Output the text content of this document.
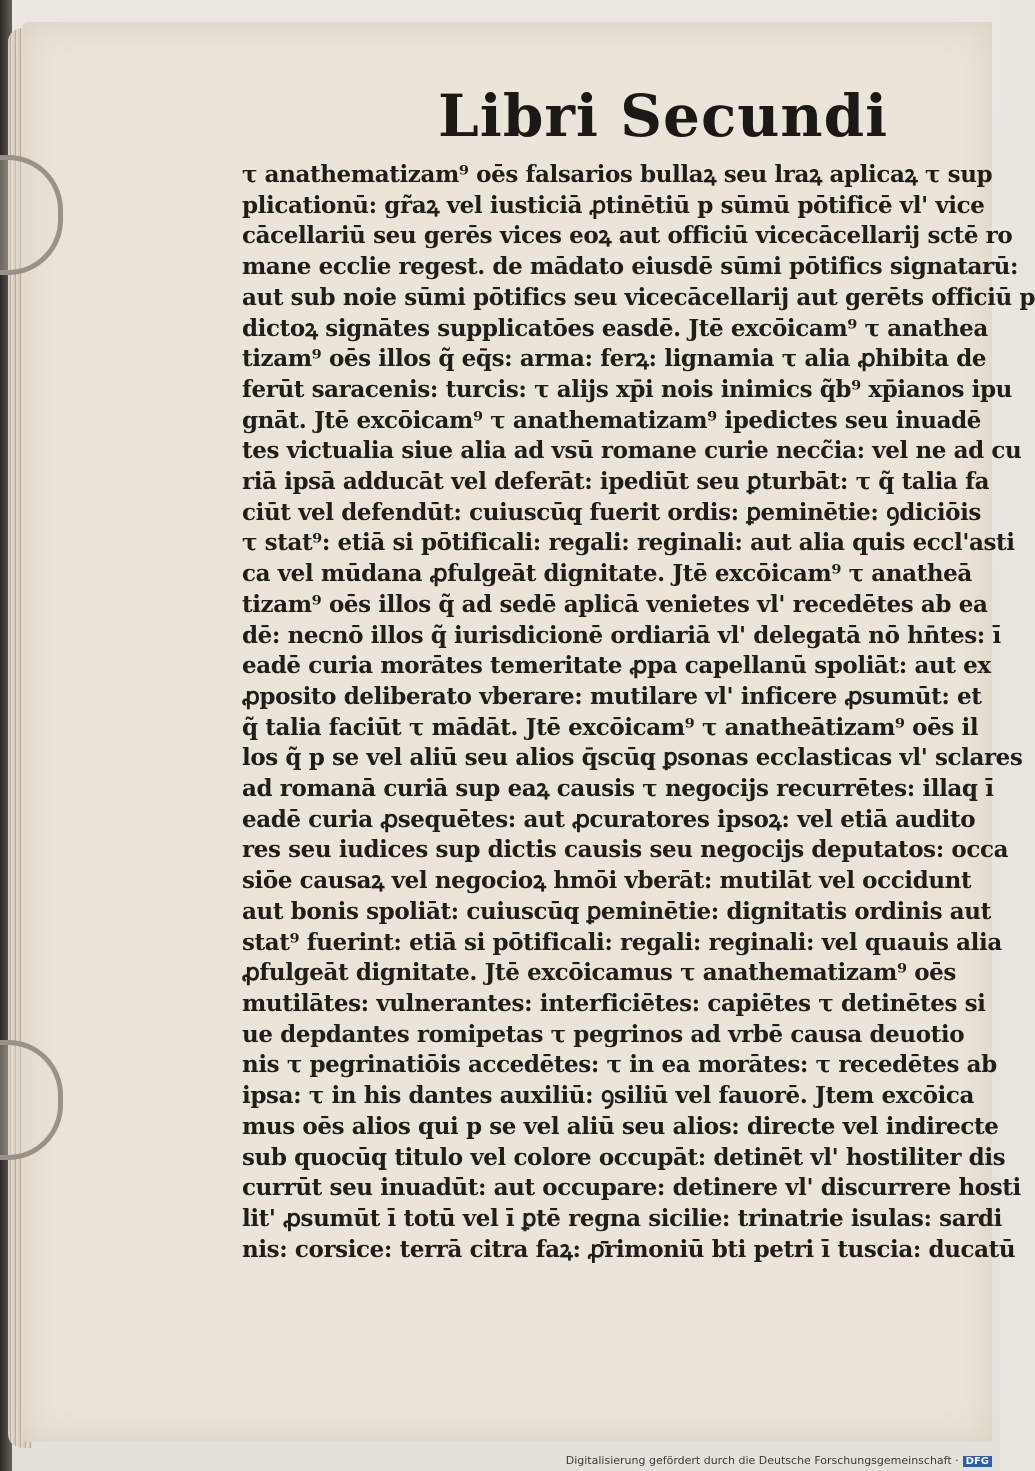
Libri Secundi
τ anathematizam⁹ oēs falsarios bullaꝝ seu lraꝝ aplicaꝝ τ sup
plicationū: gr̃aꝝ vel iusticiā ꝓtinētiū p sūmū pōtificē vl' vice
cācellariū seu gerēs vices eoꝝ aut officiū vicecācellarij sctē ro
mane ecclie regest. de mādato eiusdē sūmi pōtifics signatarū:
aut sub noie sūmi pōtifics seu vicecācellarij aut gerēts officiū p
dictoꝝ signātes supplicatōes easdē. Jtē excōicam⁹ τ anathea
tizam⁹ oēs illos q̃ eq̄s: arma: ferꝝ: lignamia τ alia ꝓhibita de
ferūt saracenis: turcis: τ alijs xp̄i nois inimics q̃b⁹ xp̄ianos ipu
gnāt. Jtē excōicam⁹ τ anathematizam⁹ ipedictes seu inuadē
tes victualia siue alia ad vsū romane curie necc̃ia: vel ne ad cu
riā ipsā adducāt vel deferāt: ipediūt seu ꝑturbāt: τ q̃ talia fa
ciūt vel defendūt: cuiuscūq̧ fuerit ordis: ꝑeminētie: ꝯdiciōis
τ stat⁹: etiā si pōtificali: regali: reginali: aut alia quis eccl'asti
ca vel mūdana ꝓfulgeāt dignitate. Jtē excōicam⁹ τ anatheā
tizam⁹ oēs illos q̃ ad sedē aplicā venietes vl' recedētes ab ea
dē: necnō illos q̃ iurisdicionē ordiariā vl' delegatā nō hn̄tes: ī
eadē curia morātes temeritate ꝓpa capellanū spoliāt: aut ex
ꝓposito deliberato vberare: mutilare vl' inficere ꝓsumūt: et
q̃ talia faciūt τ mādāt. Jtē excōicam⁹ τ anatheātizam⁹ oēs il
los q̃ p se vel aliū seu alios q̄scūq̧ ꝑsonas ecclasticas vl' sclares
ad romanā curiā sup eaꝝ causis τ negocijs recurrētes: illaq̧ ī
eadē curia ꝓsequētes: aut ꝓcuratores ipsoꝝ: vel etiā audito
res seu iudices sup dictis causis seu negocijs deputatos: occa
siōe causaꝝ vel negocioꝝ hmōi vberāt: mutilāt vel occidunt
aut bonis spoliāt: cuiuscūq̧ ꝑeminētie: dignitatis ordinis aut
stat⁹ fuerint: etiā si pōtificali: regali: reginali: vel quauis alia
ꝓfulgeāt dignitate. Jtē excōicamus τ anathematizam⁹ oēs
mutilātes: vulnerantes: interficiētes: capiētes τ detinētes si
ue depdantes romipetas τ pegrinos ad vrbē causa deuotio
nis τ pegrinatiōis accedētes: τ in ea morātes: τ recedētes ab
ipsa: τ in his dantes auxiliū: ꝯsiliū vel fauorē. Jtem excōica
mus oēs alios qui p se vel aliū seu alios: directe vel indirecte
sub quocūq̧ titulo vel colore occupāt: detinēt vl' hostiliter dis
currūt seu inuadūt: aut occupare: detinere vl' discurrere hosti
lit' ꝓsumūt ī totū vel ī ꝑtē regna sicilie: trinatrie isulas: sardi
nis: corsice: terrā citra faꝝ: ꝓ̄rimoniū bti petri ī tuscia: ducatū
Digitalisierung gefördert durch die Deutsche Forschungsgemeinschaft · DFG
